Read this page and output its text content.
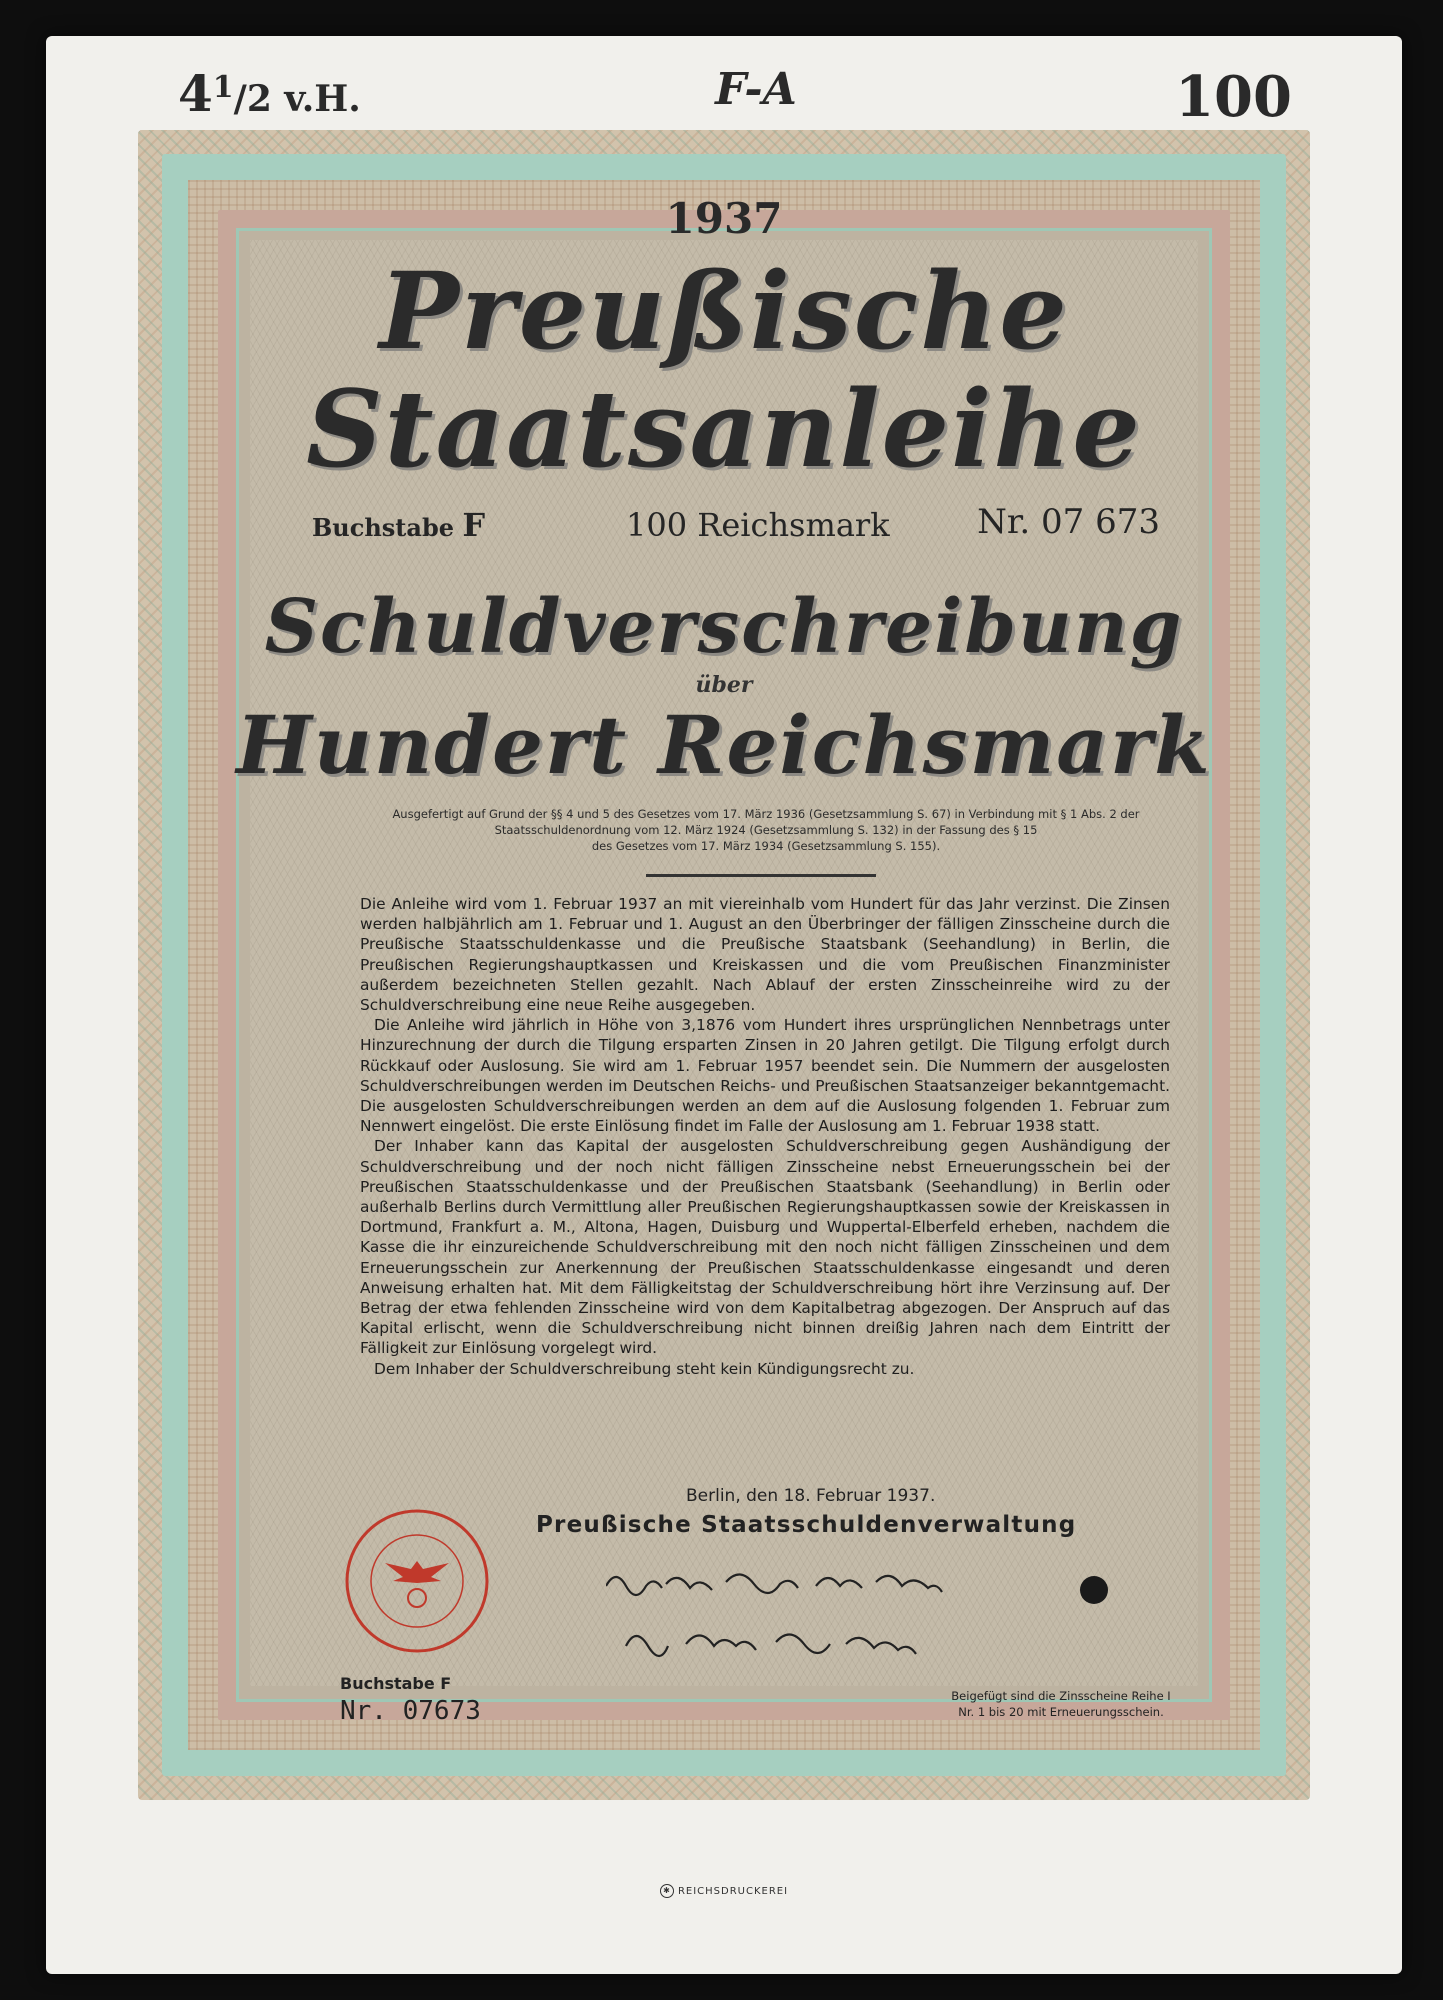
$4^1/2$ v.H.	F-A	100
1937
Preußische
Staatsanleihe
Buchstabe F	100 Reichsmark	Nr. 07 673
Schuldverschreibung
über
Hundert Reichsmark
Ausgefertigt auf Grund der §§ 4 und 5 des Gesetzes vom 17. März 1936 (Gesetzsammlung S. 67) in Verbindung mit § 1 Abs. 2 der
Staatsschuldenordnung vom 12. März 1924 (Gesetzsammlung S. 132) in der Fassung des § 15
des Gesetzes vom 17. März 1934 (Gesetzsammlung S. 155).

Die Anleihe wird vom 1. Februar 1937 an mit viereinhalb vom Hundert für das Jahr verzinst. Die Zinsen werden halbjährlich am 1. Februar und 1. August an den Überbringer der fälligen Zinsscheine durch die Preußische Staatsschuldenkasse und die Preußische Staatsbank (Seehandlung) in Berlin, die Preußischen Regierungshauptkassen und Kreiskassen und die vom Preußischen Finanzminister außerdem bezeichneten Stellen gezahlt. Nach Ablauf der ersten Zinsscheinreihe wird zu der Schuldverschreibung eine neue Reihe ausgegeben.

Die Anleihe wird jährlich in Höhe von 3,1876 vom Hundert ihres ursprünglichen Nennbetrags unter Hinzurechnung der durch die Tilgung ersparten Zinsen in 20 Jahren getilgt. Die Tilgung erfolgt durch Rückkauf oder Auslosung. Sie wird am 1. Februar 1957 beendet sein. Die Nummern der ausgelosten Schuldverschreibungen werden im Deutschen Reichs- und Preußischen Staatsanzeiger bekanntgemacht. Die ausgelosten Schuldverschreibungen werden an dem auf die Auslosung folgenden 1. Februar zum Nennwert eingelöst. Die erste Einlösung findet im Falle der Auslosung am 1. Februar 1938 statt.

Der Inhaber kann das Kapital der ausgelosten Schuldverschreibung gegen Aushändigung der Schuldverschreibung und der noch nicht fälligen Zinsscheine nebst Erneuerungsschein bei der Preußischen Staatsschuldenkasse und der Preußischen Staatsbank (Seehandlung) in Berlin oder außerhalb Berlins durch Vermittlung aller Preußischen Regierungshauptkassen sowie der Kreiskassen in Dortmund, Frankfurt a. M., Altona, Hagen, Duisburg und Wuppertal-Elberfeld erheben, nachdem die Kasse die ihr einzureichende Schuldverschreibung mit den noch nicht fälligen Zinsscheinen und dem Erneuerungsschein zur Anerkennung der Preußischen Staatsschuldenkasse eingesandt und deren Anweisung erhalten hat. Mit dem Fälligkeitstag der Schuldverschreibung hört ihre Verzinsung auf. Der Betrag der etwa fehlenden Zinsscheine wird von dem Kapitalbetrag abgezogen. Der Anspruch auf das Kapital erlischt, wenn die Schuldverschreibung nicht binnen dreißig Jahren nach dem Eintritt der Fälligkeit zur Einlösung vorgelegt wird.

Dem Inhaber der Schuldverschreibung steht kein Kündigungsrecht zu.

Berlin, den 18. Februar 1937.
Preußische Staatsschuldenverwaltung
Buchstabe F
Nr. 07673	Beigefügt sind die Zinsscheine Reihe I
Nr. 1 bis 20 mit Erneuerungsschein.
✱ REICHSDRUCKEREI
